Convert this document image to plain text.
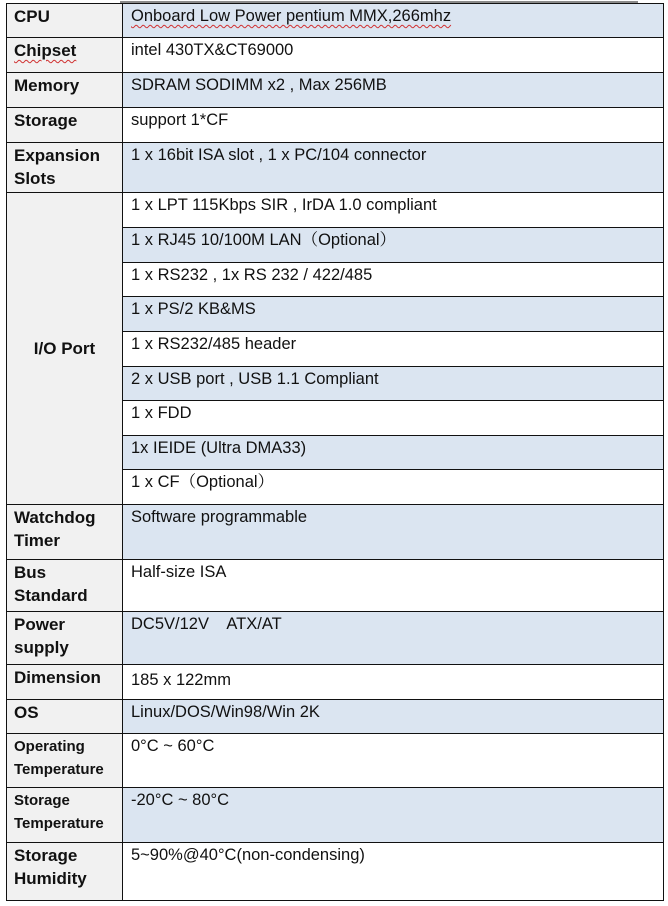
CPU	Onboard Low Power pentium MMX,266mhz
Chipset	intel 430TX&CT69000
Memory	SDRAM SODIMM x2 , Max 256MB
Storage	support 1*CF
Expansion Slots	1 x 16bit ISA slot , 1 x PC/104 connector
I/O Port	1 x LPT 115Kbps SIR , IrDA 1.0 compliant
	1 x RJ45 10/100M LAN（Optional）
	1 x RS232 , 1x RS 232 / 422/485
	1 x PS/2 KB&MS
	1 x RS232/485 header
	2 x USB port , USB 1.1 Compliant
	1 x FDD
	1x IEIDE (Ultra DMA33)
	1 x CF（Optional）
Watchdog Timer	Software programmable
Bus Standard	Half-size ISA
Power supply	DC5V/12V    ATX/AT
Dimension	185 x 122mm
OS	Linux/DOS/Win98/Win 2K
Operating Temperature	0°C ~ 60°C
Storage Temperature	-20°C ~ 80°C
Storage Humidity	5~90%@40°C(non-condensing)
